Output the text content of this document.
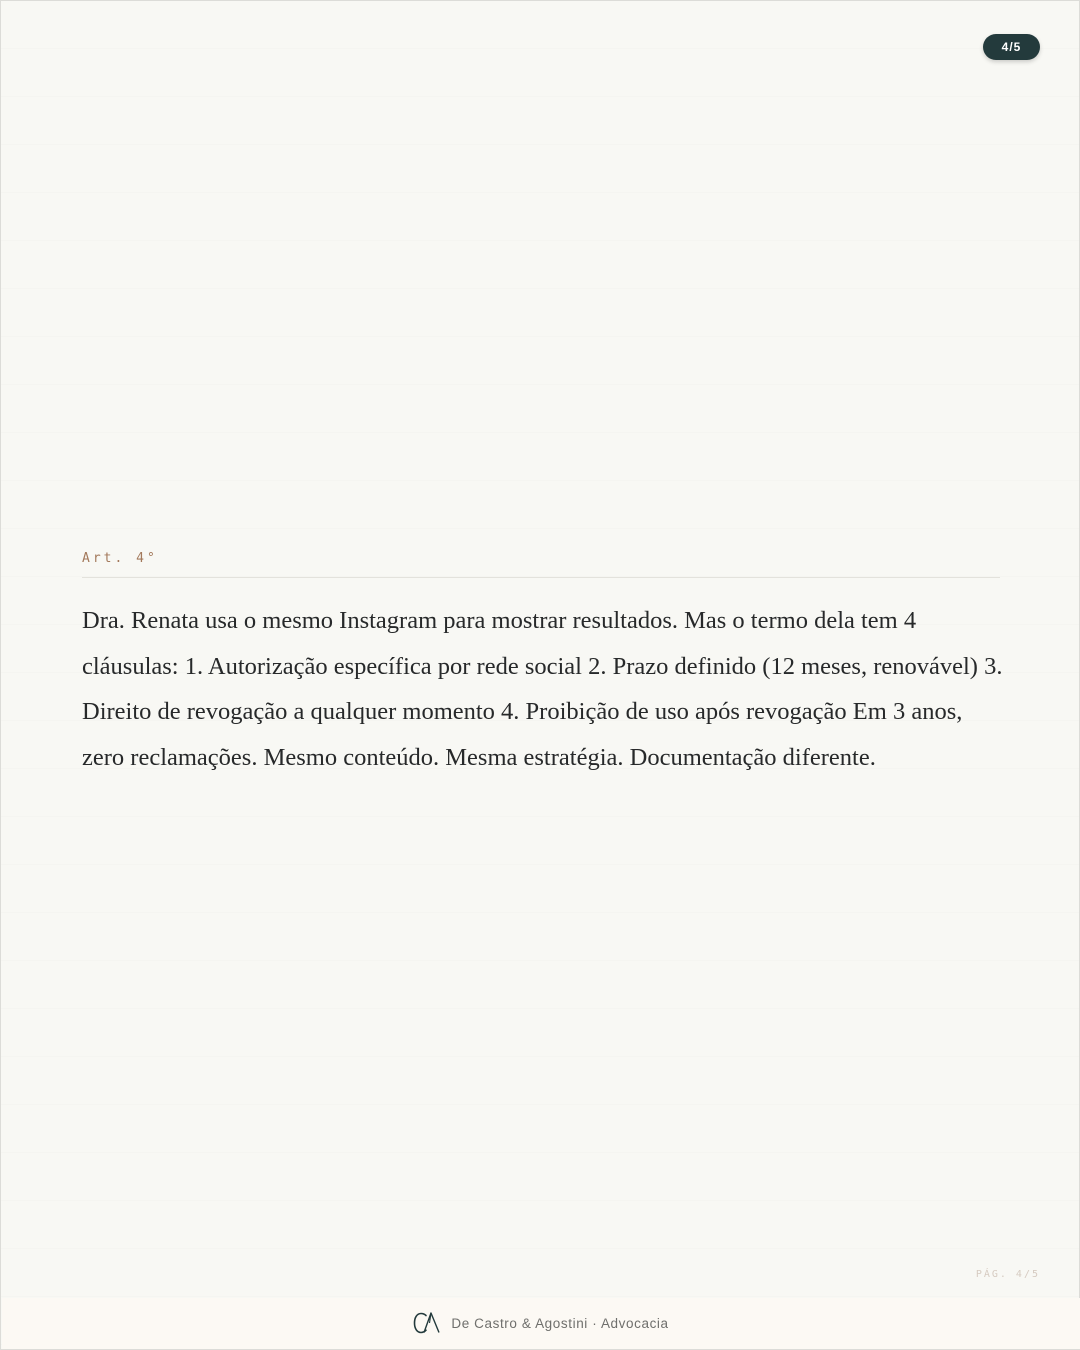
4/5
Art. 4°

Dra. Renata usa o mesmo Instagram para mostrar resultados. Mas o termo dela tem 4 cláusulas: 1. Autorização específica por rede social 2. Prazo definido (12 meses, renovável) 3. Direito de revogação a qualquer momento 4. Proibição de uso após revogação Em 3 anos, zero reclamações. Mesmo conteúdo. Mesma estratégia. Documentação diferente.

PÁG. 4/5
De Castro & Agostini · Advocacia
